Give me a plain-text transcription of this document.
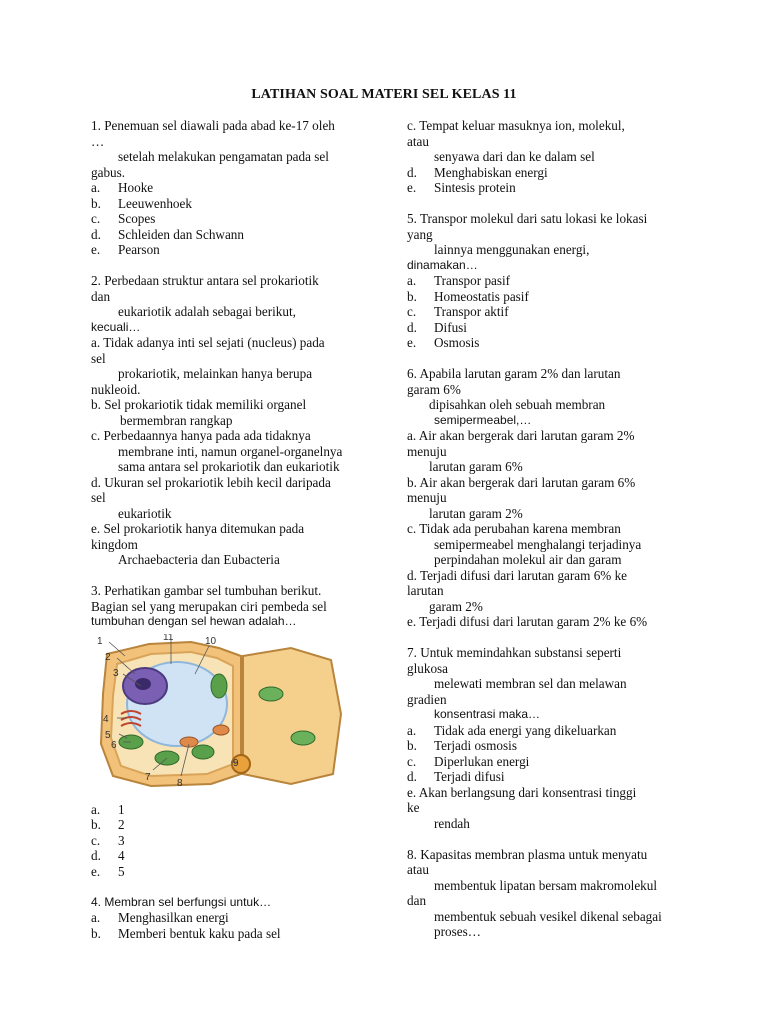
LATIHAN SOAL MATERI SEL KELAS 11
1. Penemuan sel diawali pada abad ke-17 oleh
…
setelah melakukan pengamatan pada sel
gabus.
a.	Hooke
b.	Leeuwenhoek
c.	Scopes
d.	Schleiden dan Schwann
e.	Pearson
2. Perbedaan struktur antara sel prokariotik
dan
eukariotik adalah sebagai berikut,
kecuali…
a. Tidak adanya inti sel sejati (nucleus) pada
sel
prokariotik, melainkan hanya berupa
nukleoid.
b. Sel prokariotik tidak memiliki organel
bermembran rangkap
c. Perbedaannya hanya pada ada tidaknya
membrane inti, namun organel-organelnya
sama antara sel prokariotik dan eukariotik
d. Ukuran sel prokariotik lebih kecil daripada
sel
eukariotik
e. Sel prokariotik hanya ditemukan pada
kingdom
Archaebacteria dan Eubacteria
3. Perhatikan gambar sel tumbuhan berikut.
Bagian sel yang merupakan ciri pembeda sel
tumbuhan dengan sel hewan adalah…
1
2
3
4
5
6
7
8
9
10
11
a.	1
b.	2
c.	3
d.	4
e.	5
4. Membran sel berfungsi untuk…
a.	Menghasilkan energi
b.	Memberi bentuk kaku pada sel
c. Tempat keluar masuknya ion, molekul,
atau
senyawa dari dan ke dalam sel
d.	Menghabiskan energi
e.	Sintesis protein
5. Transpor molekul dari satu lokasi ke lokasi
yang
lainnya menggunakan energi,
dinamakan…
a.	Transpor pasif
b.	Homeostatis pasif
c.	Transpor aktif
d.	Difusi
e.	Osmosis
6. Apabila larutan garam 2% dan larutan
garam 6%
dipisahkan oleh sebuah membran
semipermeabel,…
a. Air akan bergerak dari larutan garam 2%
menuju
larutan garam 6%
b. Air akan bergerak dari larutan garam 6%
menuju
larutan garam 2%
c. Tidak ada perubahan karena membran
semipermeabel menghalangi terjadinya
perpindahan molekul air dan garam
d. Terjadi difusi dari larutan garam 6% ke
larutan
garam 2%
e. Terjadi difusi dari larutan garam 2% ke 6%
7. Untuk memindahkan substansi seperti
glukosa
melewati membran sel dan melawan
gradien
konsentrasi maka…
a.	Tidak ada energi yang dikeluarkan
b.	Terjadi osmosis
c.	Diperlukan energi
d.	Terjadi difusi
e. Akan berlangsung dari konsentrasi tinggi
ke
rendah
8. Kapasitas membran plasma untuk menyatu
atau
membentuk lipatan bersam makromolekul
dan
membentuk sebuah vesikel dikenal sebagai
proses…
